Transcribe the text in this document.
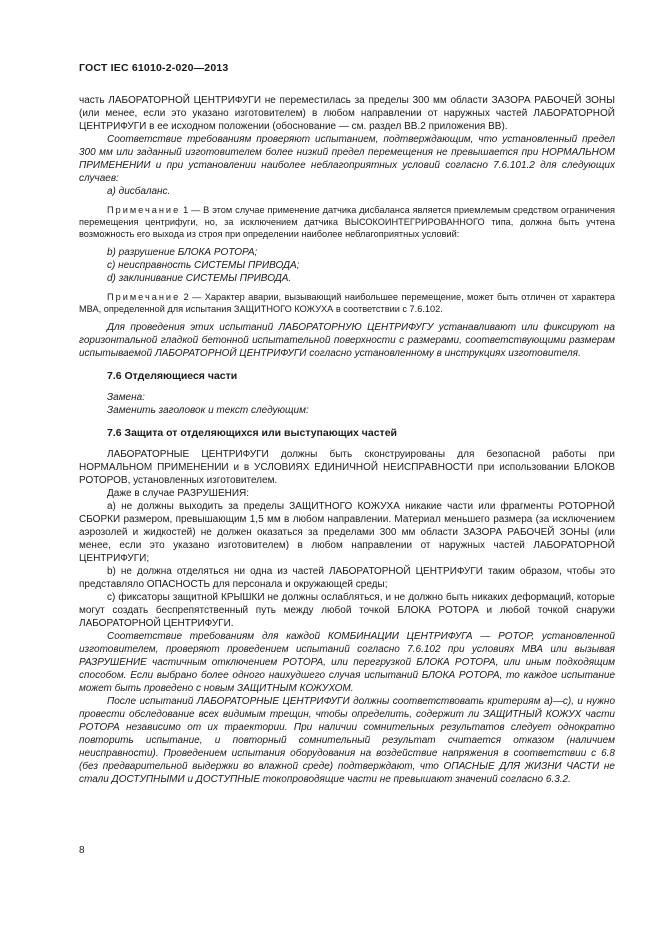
ГОСТ IEC 61010-2-020—2013

часть ЛАБОРАТОРНОЙ ЦЕНТРИФУГИ не переместилась за пределы 300 мм области ЗАЗОРА РАБОЧЕЙ ЗОНЫ (или менее, если это указано изготовителем) в любом направлении от наружных частей ЛАБОРАТОРНОЙ ЦЕНТРИФУГИ в ее исходном положении (обоснование — см. раздел ВВ.2 приложения ВВ).

Соответствие требованиям проверяют испытанием, подтверждающим, что установленный предел 300 мм или заданный изготовителем более низкий предел перемещения не превышается при НОРМАЛЬНОМ ПРИМЕНЕНИИ и при установлении наиболее неблагоприятных условий согласно 7.6.101.2 для следующих случаев:

а) дисбаланс.

Примечание 1 — В этом случае применение датчика дисбаланса является приемлемым средством ограничения перемещения центрифуги, но, за исключением датчика ВЫСОКОИНТЕГРИРОВАННОГО типа, должна быть учтена возможность его выхода из строя при определении наиболее неблагоприятных условий:

b) разрушение БЛОКА РОТОРА;

c) неисправность СИСТЕМЫ ПРИВОДА;

d) заклинивание СИСТЕМЫ ПРИВОДА.

Примечание 2 — Характер аварии, вызывающий наибольшее перемещение, может быть отличен от характера МВА, определенной для испытания ЗАЩИТНОГО КОЖУХА в соответствии с 7.6.102.

Для проведения этих испытаний ЛАБОРАТОРНУЮ ЦЕНТРИФУГУ устанавливают или фиксируют на горизонтальной гладкой бетонной испытательной поверхности с размерами, соответствующими размерам испытываемой ЛАБОРАТОРНОЙ ЦЕНТРИФУГИ согласно установленному в инструкциях изготовителя.

7.6 Отделяющиеся части

Замена:

Заменить заголовок и текст следующим:

7.6 Защита от отделяющихся или выступающих частей

ЛАБОРАТОРНЫЕ ЦЕНТРИФУГИ должны быть сконструированы для безопасной работы при НОРМАЛЬНОМ ПРИМЕНЕНИИ и в УСЛОВИЯХ ЕДИНИЧНОЙ НЕИСПРАВНОСТИ при использовании БЛОКОВ РОТОРОВ, установленных изготовителем.

Даже в случае РАЗРУШЕНИЯ:

а) не должны выходить за пределы ЗАЩИТНОГО КОЖУХА никакие части или фрагменты РОТОРНОЙ СБОРКИ размером, превышающим 1,5 мм в любом направлении. Материал меньшего размера (за исключением аэрозолей и жидкостей) не должен оказаться за пределами 300 мм области ЗАЗОРА РАБОЧЕЙ ЗОНЫ (или менее, если это указано изготовителем) в любом направлении от наружных частей ЛАБОРАТОРНОЙ ЦЕНТРИФУГИ;

b) не должна отделяться ни одна из частей ЛАБОРАТОРНОЙ ЦЕНТРИФУГИ таким образом, чтобы это представляло ОПАСНОСТЬ для персонала и окружающей среды;

с) фиксаторы защитной КРЫШКИ не должны ослабляться, и не должно быть никаких деформаций, которые могут создать беспрепятственный путь между любой точкой БЛОКА РОТОРА и любой точкой снаружи ЛАБОРАТОРНОЙ ЦЕНТРИФУГИ.

Соответствие требованиям для каждой КОМБИНАЦИИ ЦЕНТРИФУГА — РОТОР, установленной изготовителем, проверяют проведением испытаний согласно 7.6.102 при условиях МВА или вызывая РАЗРУШЕНИЕ частичным отключением РОТОРА, или перегрузкой БЛОКА РОТОРА, или иным подходящим способом. Если выбрано более одного наихудшего случая испытаний БЛОКА РОТОРА, то каждое испытание может быть проведено с новым ЗАЩИТНЫМ КОЖУХОМ.

После испытаний ЛАБОРАТОРНЫЕ ЦЕНТРИФУГИ должны соответствовать критериям а)—с), и нужно провести обследование всех видимым трещин, чтобы определить, содержит ли ЗАЩИТНЫЙ КОЖУХ части РОТОРА независимо от их траектории. При наличии сомнительных результатов следует однократно повторить испытание, и повторный сомнительный результат считается отказом (наличием неисправности). Проведением испытания оборудования на воздействие напряжения в соответствии с 6.8 (без предварительной выдержки во влажной среде) подтверждают, что ОПАСНЫЕ ДЛЯ ЖИЗНИ ЧАСТИ не стали ДОСТУПНЫМИ и ДОСТУПНЫЕ токопроводящие части не превышают значений согласно 6.3.2.

8
